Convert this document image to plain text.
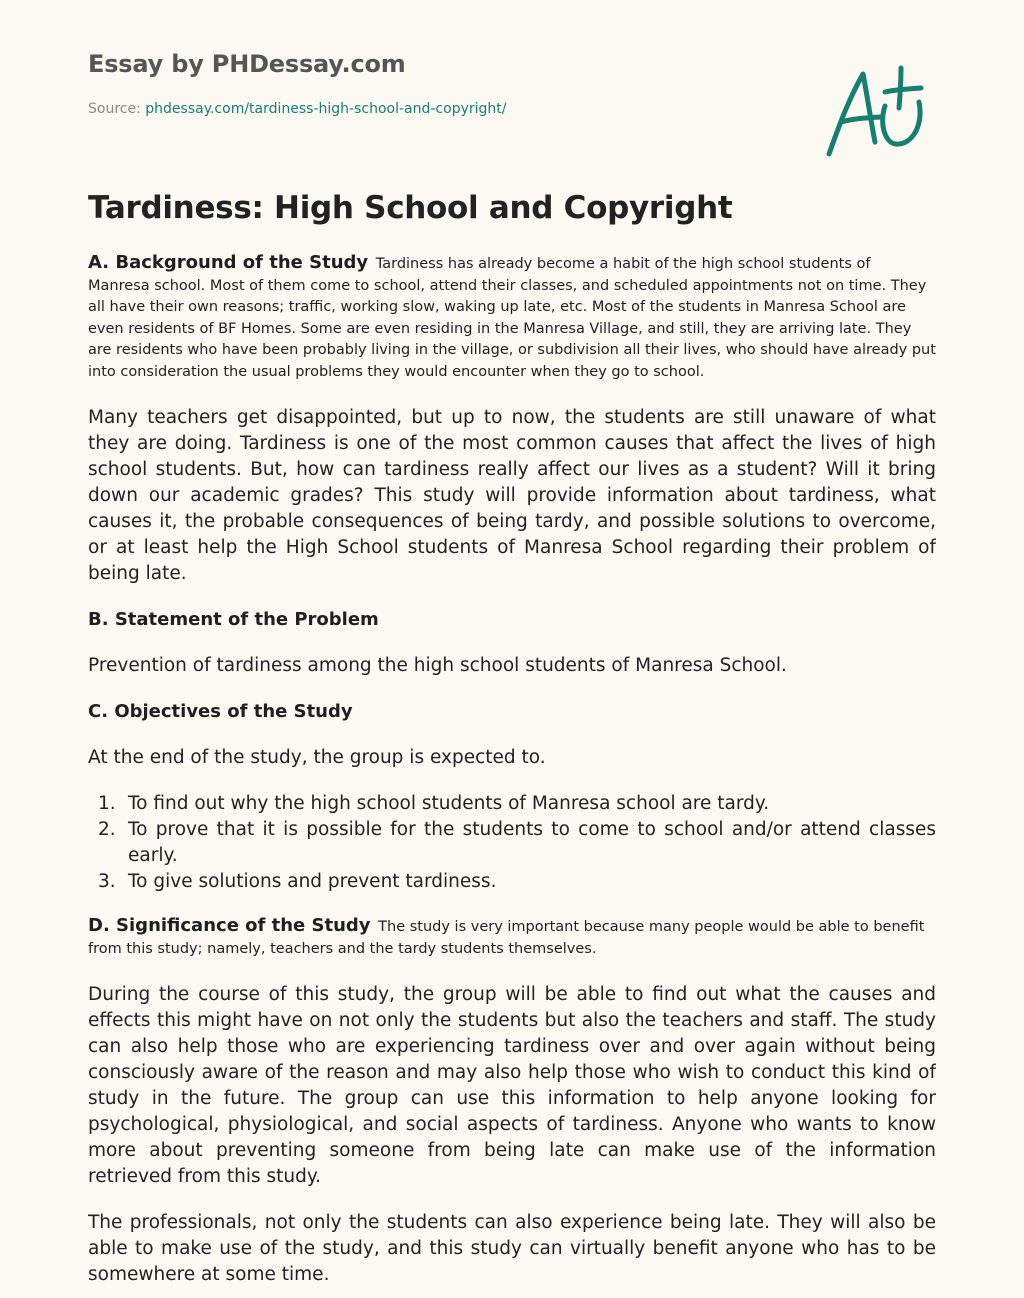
Essay by PHDessay.com
Source: phdessay.com/tardiness-high-school-and-copyright/
Tardiness: High School and Copyright

A. Background of the Study Tardiness has already become a habit of the high school students of Manresa school. Most of them come to school, attend their classes, and scheduled appointments not on time. They all have their own reasons; traffic, working slow, waking up late, etc. Most of the students in Manresa School are even residents of BF Homes. Some are even residing in the Manresa Village, and still, they are arriving late. They are residents who have been probably living in the village, or subdivision all their lives, who should have already put into consideration the usual problems they would encounter when they go to school.

Many teachers get disappointed, but up to now, the students are still unaware of what they are doing. Tardiness is one of the most common causes that affect the lives of high school students. But, how can tardiness really affect our lives as a student? Will it bring down our academic grades? This study will provide information about tardiness, what causes it, the probable consequences of being tardy, and possible solutions to overcome, or at least help the High School students of Manresa School regarding their problem of being late.

B. Statement of the Problem

Prevention of tardiness among the high school students of Manresa School.

C. Objectives of the Study

At the end of the study, the group is expected to.

1. To find out why the high school students of Manresa school are tardy.
2. To prove that it is possible for the students to come to school and/or attend classes early.
3. To give solutions and prevent tardiness.

D. Significance of the Study The study is very important because many people would be able to benefit from this study; namely, teachers and the tardy students themselves.

During the course of this study, the group will be able to find out what the causes and effects this might have on not only the students but also the teachers and staff. The study can also help those who are experiencing tardiness over and over again without being consciously aware of the reason and may also help those who wish to conduct this kind of study in the future. The group can use this information to help anyone looking for psychological, physiological, and social aspects of tardiness. Anyone who wants to know more about preventing someone from being late can make use of the information retrieved from this study.

The professionals, not only the students can also experience being late. They will also be able to make use of the study, and this study can virtually benefit anyone who has to be somewhere at some time.
